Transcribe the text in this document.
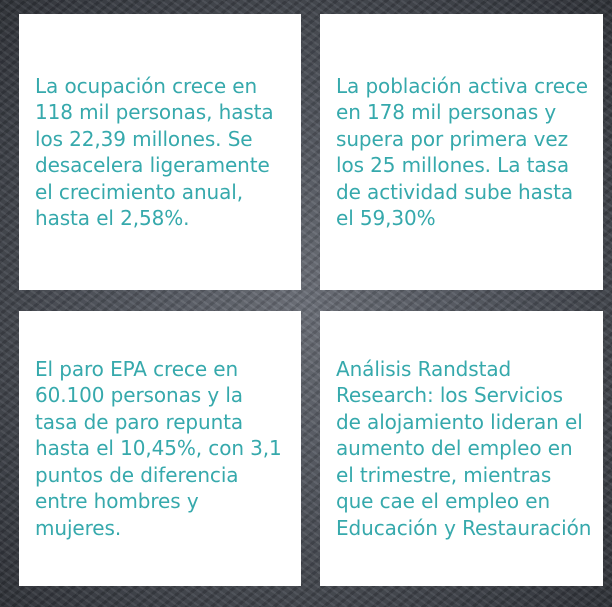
La ocupación crece en 118 mil personas, hasta los 22,39 millones. Se desacelera ligeramente el crecimiento anual, hasta el 2,58%.

La población activa crece en 178 mil personas y supera por primera vez los 25 millones. La tasa de actividad sube hasta el 59,30%

El paro EPA crece en 60.100 personas y la tasa de paro repunta hasta el 10,45%, con 3,1 puntos de diferencia entre hombres y mujeres.

Análisis Randstad Research: los Servicios de alojamiento lideran el aumento del empleo en el trimestre, mientras que cae el empleo en Educación y Restauración
